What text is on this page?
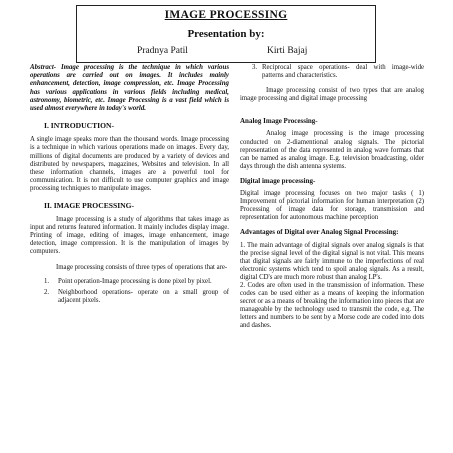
IMAGE PROCESSING
Presentation by:
Pradnya Patil	Kirti Bajaj

Abstract- Image processing is the technique in which various operations are carried out on images. It includes mainly enhancement, detection, image compression, etc. Image Processing has various applications in various fields including medical, astronomy, biometric, etc. Image Processing is a vast field which is used almost everywhere in today's world.

I. INTRODUCTION-

A single image speaks more than the thousand words. Image processing is a technique in which various operations made on images. Every day, millions of digital documents are produced by a variety of devices and distributed by newspapers, magazines, Websites and television. In all these information channels, images are a powerful tool for communication. It is not difficult to use computer graphics and image processing techniques to manipulate images.

II. IMAGE PROCESSING-

Image processing is a study of algorithms that takes image as input and returns featured information. It mainly includes display image. Printing of image, editing of images, image enhancement, image detection, image compression. It is the manipulation of images by computers.

Image processing consists of three types of operations that are-

1. Point operation-Image processing is done pixel by pixel.
2. Neighborhood operations- operate on a small group of adjacent pixels.
3. Reciprocal space operations- deal with image-wide patterns and characteristics.

Image processing consist of two types that are analog image processing and digital image processing

Analog Image Processing-

Analog image processing is the image processing conducted on 2-diamentional analog signals. The pictorial representation of the data represented in analog wave formats that can be named as analog image. E.g. television broadcasting, older days through the dish antenna systems.

Digital image processing-

Digital image processing focuses on two major tasks ( 1) Improvement of pictorial information for human interpretation (2) Processing of image data for storage, transmission and representation for autonomous machine perception

Advantages of Digital over Analog Signal Processing:

1. The main advantage of digital signals over analog signals is that the precise signal level of the digital signal is not vital. This means that digital signals are fairly immune to the imperfections of real electronic systems which tend to spoil analog signals. As a result, digital CD's are much more robust than analog LP's.

2. Codes are often used in the transmission of information. These codes can be used either as a means of keeping the information secret or as a means of breaking the information into pieces that are manageable by the technology used to transmit the code, e.g. The letters and numbers to be sent by a Morse code are coded into dots and dashes.
